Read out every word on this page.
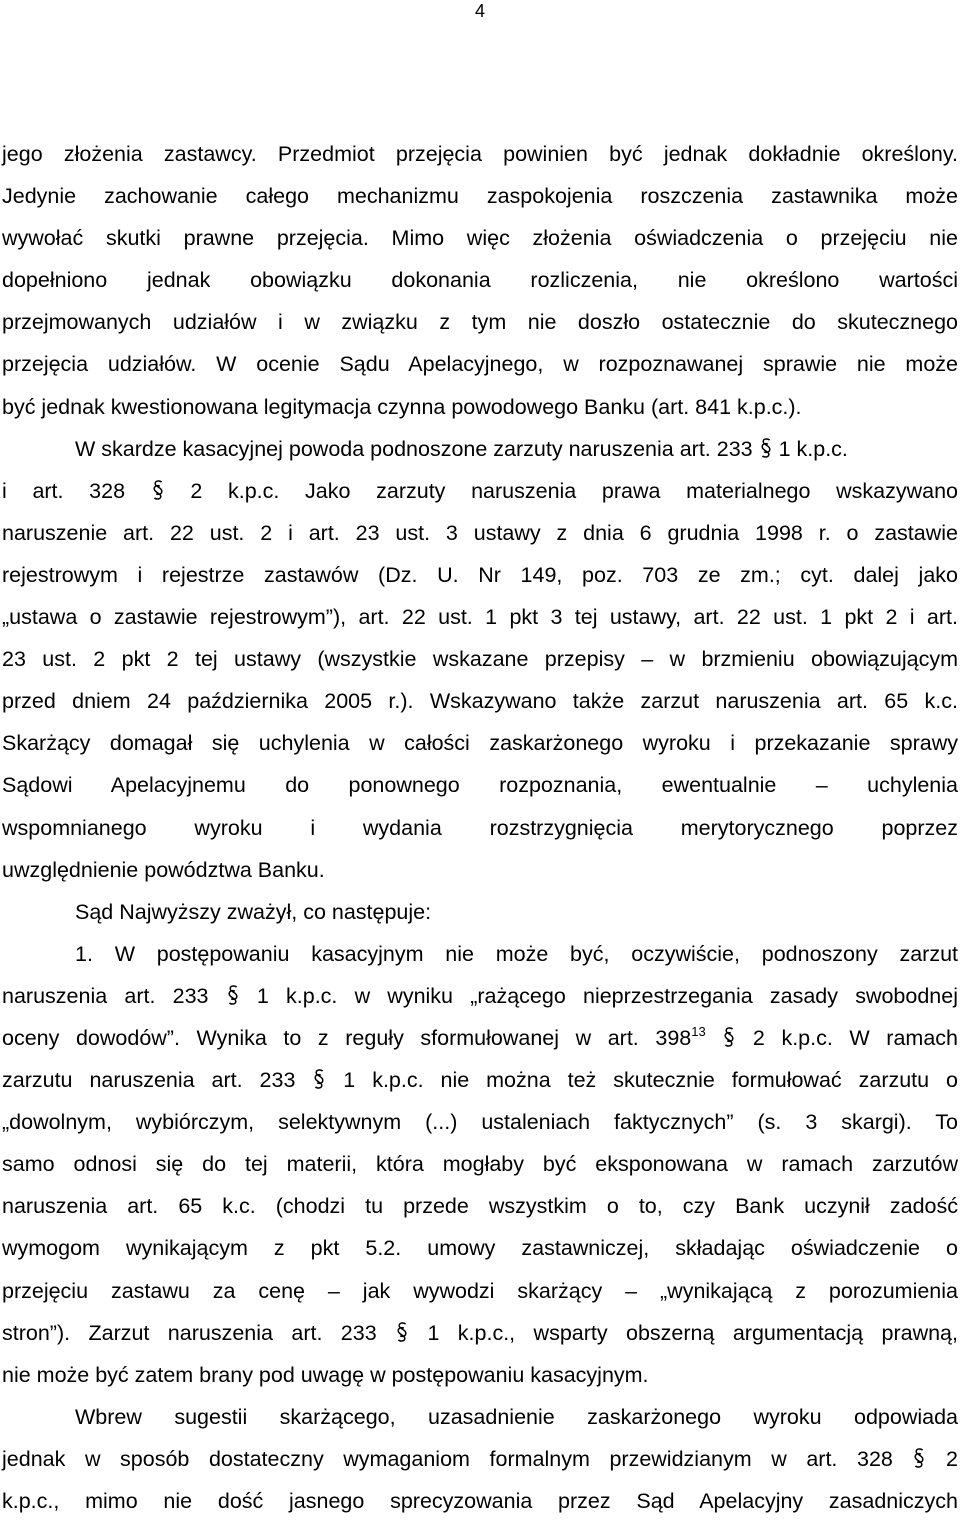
4
jego złożenia zastawcy. Przedmiot przejęcia powinien być jednak dokładnie określony.
Jedynie zachowanie całego mechanizmu zaspokojenia roszczenia zastawnika może
wywołać skutki prawne przejęcia. Mimo więc złożenia oświadczenia o przejęciu nie
dopełniono jednak obowiązku dokonania rozliczenia, nie określono wartości
przejmowanych udziałów i w związku z tym nie doszło ostatecznie do skutecznego
przejęcia udziałów. W ocenie Sądu Apelacyjnego, w rozpoznawanej sprawie nie może
być jednak kwestionowana legitymacja czynna powodowego Banku (art. 841 k.p.c.).
W skardze kasacyjnej powoda podnoszone zarzuty naruszenia art. 233
1 k.p.c.
i art. 328
2 k.p.c. Jako zarzuty naruszenia prawa materialnego wskazywano
naruszenie art. 22 ust. 2 i art. 23 ust. 3 ustawy z dnia 6 grudnia 1998 r. o zastawie
rejestrowym i rejestrze zastawów (Dz. U. Nr 149, poz. 703 ze zm.; cyt. dalej jako
„ustawa o zastawie rejestrowym”), art. 22 ust. 1 pkt 3 tej ustawy, art. 22 ust. 1 pkt 2 i art.
23 ust. 2 pkt 2 tej ustawy (wszystkie wskazane przepisy – w brzmieniu obowiązującym
przed dniem 24 października 2005 r.). Wskazywano także zarzut naruszenia art. 65 k.c.
Skarżący domagał się uchylenia w całości zaskarżonego wyroku i przekazanie sprawy
Sądowi Apelacyjnemu do ponownego rozpoznania, ewentualnie – uchylenia
wspomnianego wyroku i wydania rozstrzygnięcia merytorycznego poprzez
uwzględnienie powództwa Banku.
Sąd Najwyższy zważył, co następuje:
1. W postępowaniu kasacyjnym nie może być, oczywiście, podnoszony zarzut
naruszenia art. 233
1 k.p.c. w wyniku „rażącego nieprzestrzegania zasady swobodnej
oceny dowodów”. Wynika to z reguły sformułowanej w art. $398^{13}$
2 k.p.c. W ramach
zarzutu naruszenia art. 233
1 k.p.c. nie można też skutecznie formułować zarzutu o
„dowolnym, wybiórczym, selektywnym (...) ustaleniach faktycznych” (s. 3 skargi). To
samo odnosi się do tej materii, która mogłaby być eksponowana w ramach zarzutów
naruszenia art. 65 k.c. (chodzi tu przede wszystkim o to, czy Bank uczynił zadość
wymogom wynikającym z pkt 5.2. umowy zastawniczej, składając oświadczenie o
przejęciu zastawu za cenę – jak wywodzi skarżący – „wynikającą z porozumienia
stron”). Zarzut naruszenia art. 233
1 k.p.c., wsparty obszerną argumentacją prawną,
nie może być zatem brany pod uwagę w postępowaniu kasacyjnym.
Wbrew sugestii skarżącego, uzasadnienie zaskarżonego wyroku odpowiada
jednak w sposób dostateczny wymaganiom formalnym przewidzianym w art. 328
2
k.p.c., mimo nie dość jasnego sprecyzowania przez Sąd Apelacyjny zasadniczych
